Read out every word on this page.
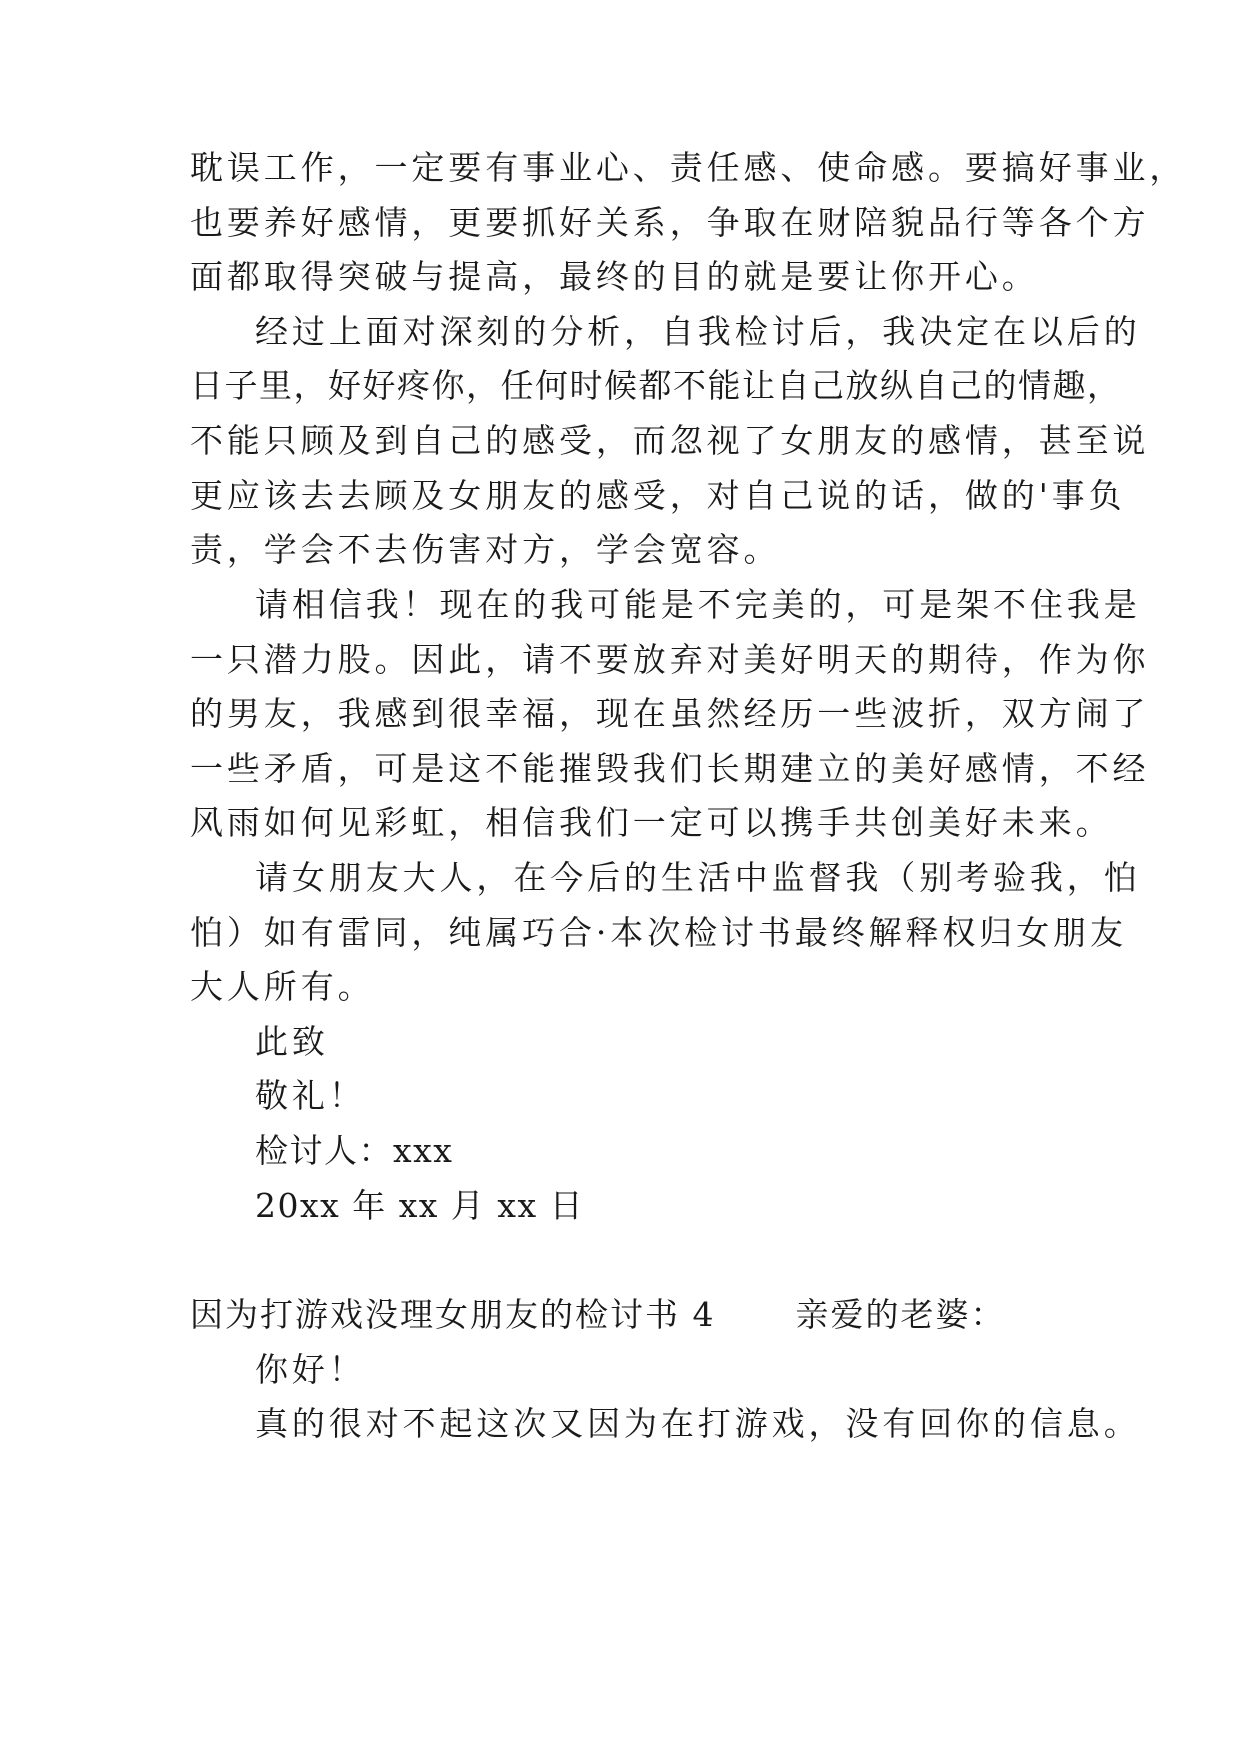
耽误工作，一定要有事业心、责任感、使命感。要搞好事业，
也要养好感情，更要抓好关系，争取在财陪貌品行等各个方
面都取得突破与提高，最终的目的就是要让你开心。
经过上面对深刻的分析，自我检讨后，我决定在以后的
日子里，好好疼你，任何时候都不能让自己放纵自己的情趣，
不能只顾及到自己的感受，而忽视了女朋友的感情，甚至说
更应该去去顾及女朋友的感受，对自己说的话，做的'事负
责，学会不去伤害对方，学会宽容。
请相信我！现在的我可能是不完美的，可是架不住我是
一只潜力股。因此，请不要放弃对美好明天的期待，作为你
的男友，我感到很幸福，现在虽然经历一些波折，双方闹了
一些矛盾，可是这不能摧毁我们长期建立的美好感情，不经
风雨如何见彩虹，相信我们一定可以携手共创美好未来。
请女朋友大人，在今后的生活中监督我（别考验我，怕
怕）如有雷同，纯属巧合·本次检讨书最终解释权归女朋友
大人所有。
此致
敬礼！
检讨人：xxx
20xx 年 xx 月 xx 日
因为打游戏没理女朋友的检讨书 4 亲爱的老婆：
你好！
真的很对不起这次又因为在打游戏，没有回你的信息。
